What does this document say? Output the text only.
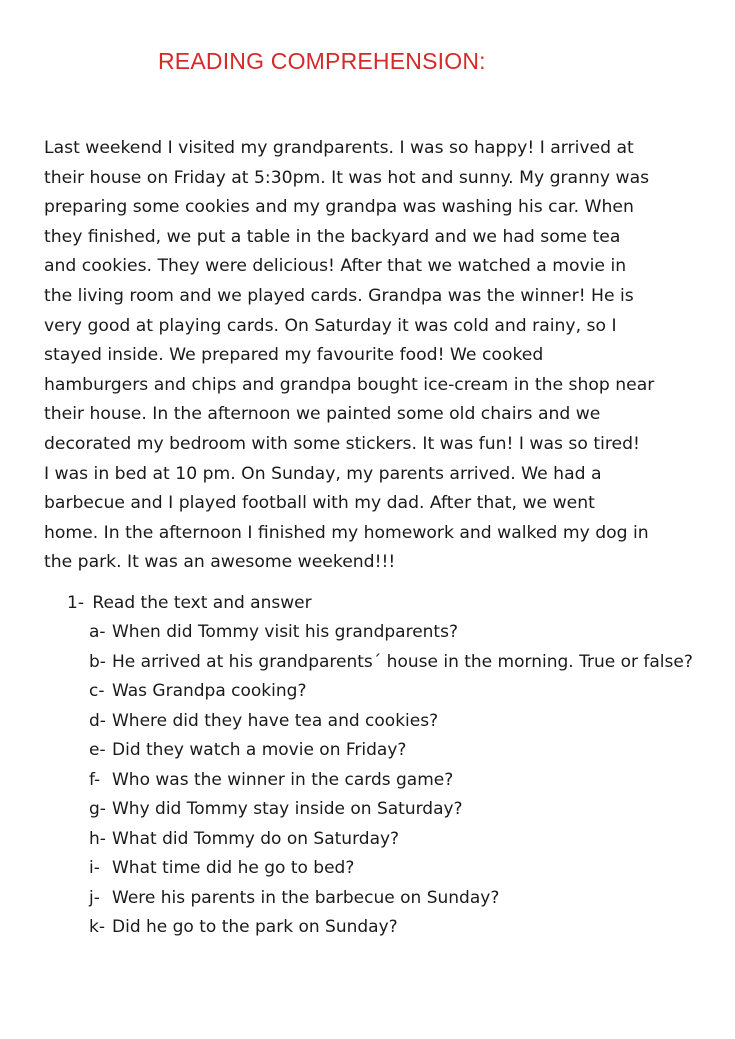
READING COMPREHENSION:
Last weekend I visited my grandparents. I was so happy! I arrived at
their house on Friday at 5:30pm. It was hot and sunny. My granny was
preparing some cookies and my grandpa was washing his car. When
they finished, we put a table in the backyard and we had some tea
and cookies. They were delicious! After that we watched a movie in
the living room and we played cards. Grandpa was the winner! He is
very good at playing cards. On Saturday it was cold and rainy, so I
stayed inside. We prepared my favourite food! We cooked
hamburgers and chips and grandpa bought ice-cream in the shop near
their house. In the afternoon we painted some old chairs and we
decorated my bedroom with some stickers. It was fun! I was so tired!
I was in bed at 10 pm. On Sunday, my parents arrived. We had a
barbecue and I played football with my dad. After that, we went
home. In the afternoon I finished my homework and walked my dog in
the park. It was an awesome weekend!!!
1- Read the text and answer
a- When did Tommy visit his grandparents?
b- He arrived at his grandparents´ house in the morning. True or false?
c- Was Grandpa cooking?
d- Where did they have tea and cookies?
e- Did they watch a movie on Friday?
f- Who was the winner in the cards game?
g- Why did Tommy stay inside on Saturday?
h- What did Tommy do on Saturday?
i- What time did he go to bed?
j- Were his parents in the barbecue on Sunday?
k- Did he go to the park on Sunday?
